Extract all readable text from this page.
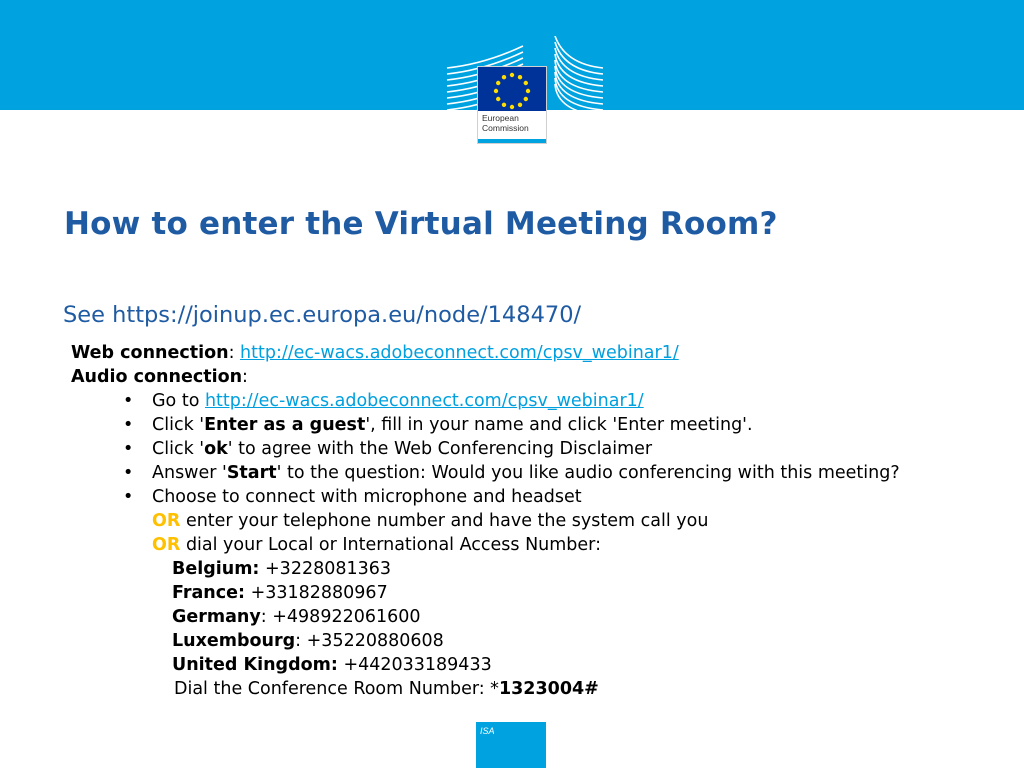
European
Commission
How to enter the Virtual Meeting Room?

See https://joinup.ec.europa.eu/node/148470/

Web connection: http://ec-wacs.adobeconnect.com/cpsv_webinar1/
Audio connection:
• Go to http://ec-wacs.adobeconnect.com/cpsv_webinar1/
• Click 'Enter as a guest', fill in your name and click 'Enter meeting'.
• Click 'ok' to agree with the Web Conferencing Disclaimer
• Answer 'Start' to the question: Would you like audio conferencing with this meeting?
• Choose to connect with microphone and headset
OR enter your telephone number and have the system call you
OR dial your Local or International Access Number:
Belgium: +3228081363
France: +33182880967
Germany: +498922061600
Luxembourg: +35220880608
United Kingdom: +442033189433
Dial the Conference Room Number: *1323004#
ISA
